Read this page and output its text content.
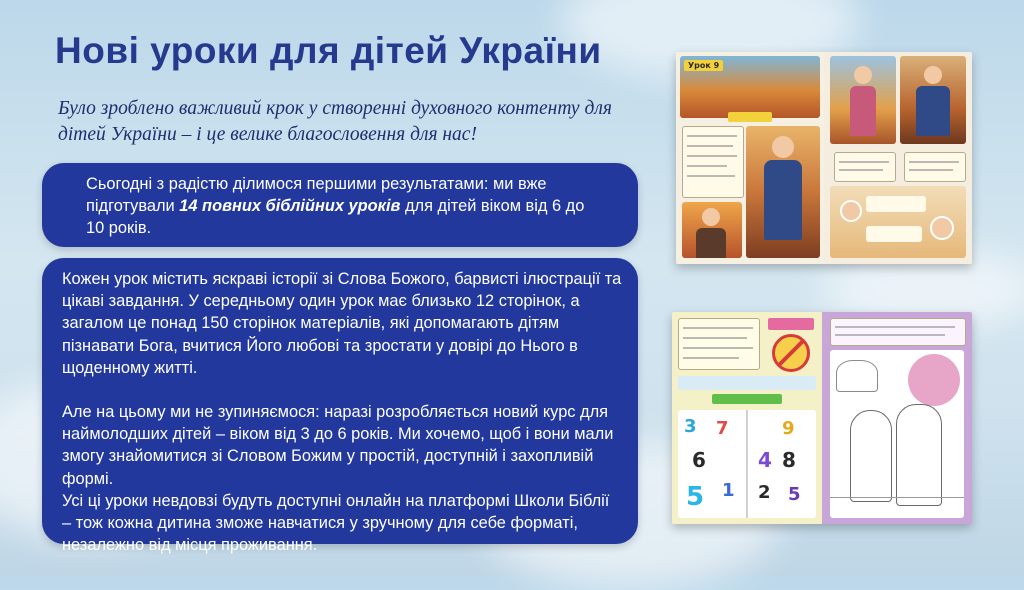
Нові уроки для дітей України

Було зроблено важливий крок у створенні духовного контенту для дітей України – і це велике благословення для нас!

Сьогодні з радістю ділимося першими результатами: ми вже підготували 14 повних біблійних уроків для дітей віком від 6 до 10 років.

Кожен урок містить яскраві історії зі Слова Божого, барвисті ілюстрації та цікаві завдання. У середньому один урок має близько 12 сторінок, а загалом це понад 150 сторінок матеріалів, які допомагають дітям пізнавати Бога, вчитися Його любові та зростати у довірі до Нього в щоденному житті.

Але на цьому ми не зупиняємося: наразі розробляється новий курс для наймолодших дітей – віком від 3 до 6 років. Ми хочемо, щоб і вони мали змогу знайомитися зі Словом Божим у простій, доступній і захопливій формі.

Усі ці уроки невдовзі будуть доступні онлайн на платформі Школи Біблії – тож кожна дитина зможе навчатися у зручному для себе форматі, незалежно від місця проживання.

Урок 9
3 7	9
6	4 8
1
5	2 5
